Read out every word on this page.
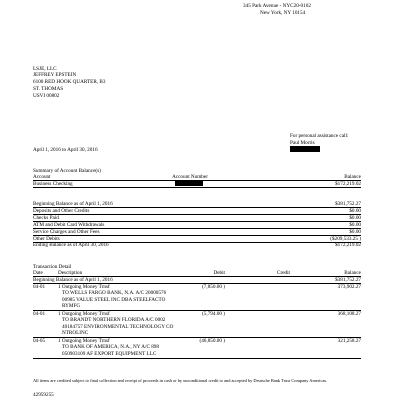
345 Park Avenue - NYC20-0102
New York, NY 10154
LSJE, LLC
JEFFREY EPSTEIN
6100 RED HOOK QUARTER, B3
ST. THOMAS
USVI 00802
For personal assistance call:
Paul Morris
April 1, 2016 to April 30, 2016
Summary of Account Balance(s)
Account	Account Number	Balance
Business Checking	$172,219.02
Beginning Balance as of April 1, 2016	$381,752.27
Deposits and Other Credits	$0.00
Checks Paid	$0.00
ATM and Debit Card Withdrawals	$0.00
Service Charges and Other Fees	$0.00
Other Debits	($209,533.25 )
Ending Balance as of April 30, 2016	$172,219.02
Transaction Detail
Date	Description	Debit	Credit	Balance
Beginning Balance as of April 1, 2016	$381,752.27
04-01 1 Outgoing Money Trnsf
TO WELLS FARGO BANK, N.A. A/C 20000576
00985 VALUE STEEL INC DBA STEELFACTO
RYMFG
(7,850.00 )	373,902.27
04-01 1 Outgoing Money Trnsf
TO BRANDT NORTHERN FLORIDA A/C 0002
40184757 ENVIRONMENTAL TECHNOLOGY CO
NTROLINC
(5,794.00 )	368,108.27
04-05 1 Outgoing Money Trnsf
TO BANK OF AMERICA, N.A., NY A/C 898
050903109 AF EXPORT EQUIPMENT LLC
(46,850.00 )	321,258.27
All items are credited subject to final collection and receipt of proceeds in cash or by unconditional credit to and accepted by Deutsche Bank Trust Company Americas.
42959255
